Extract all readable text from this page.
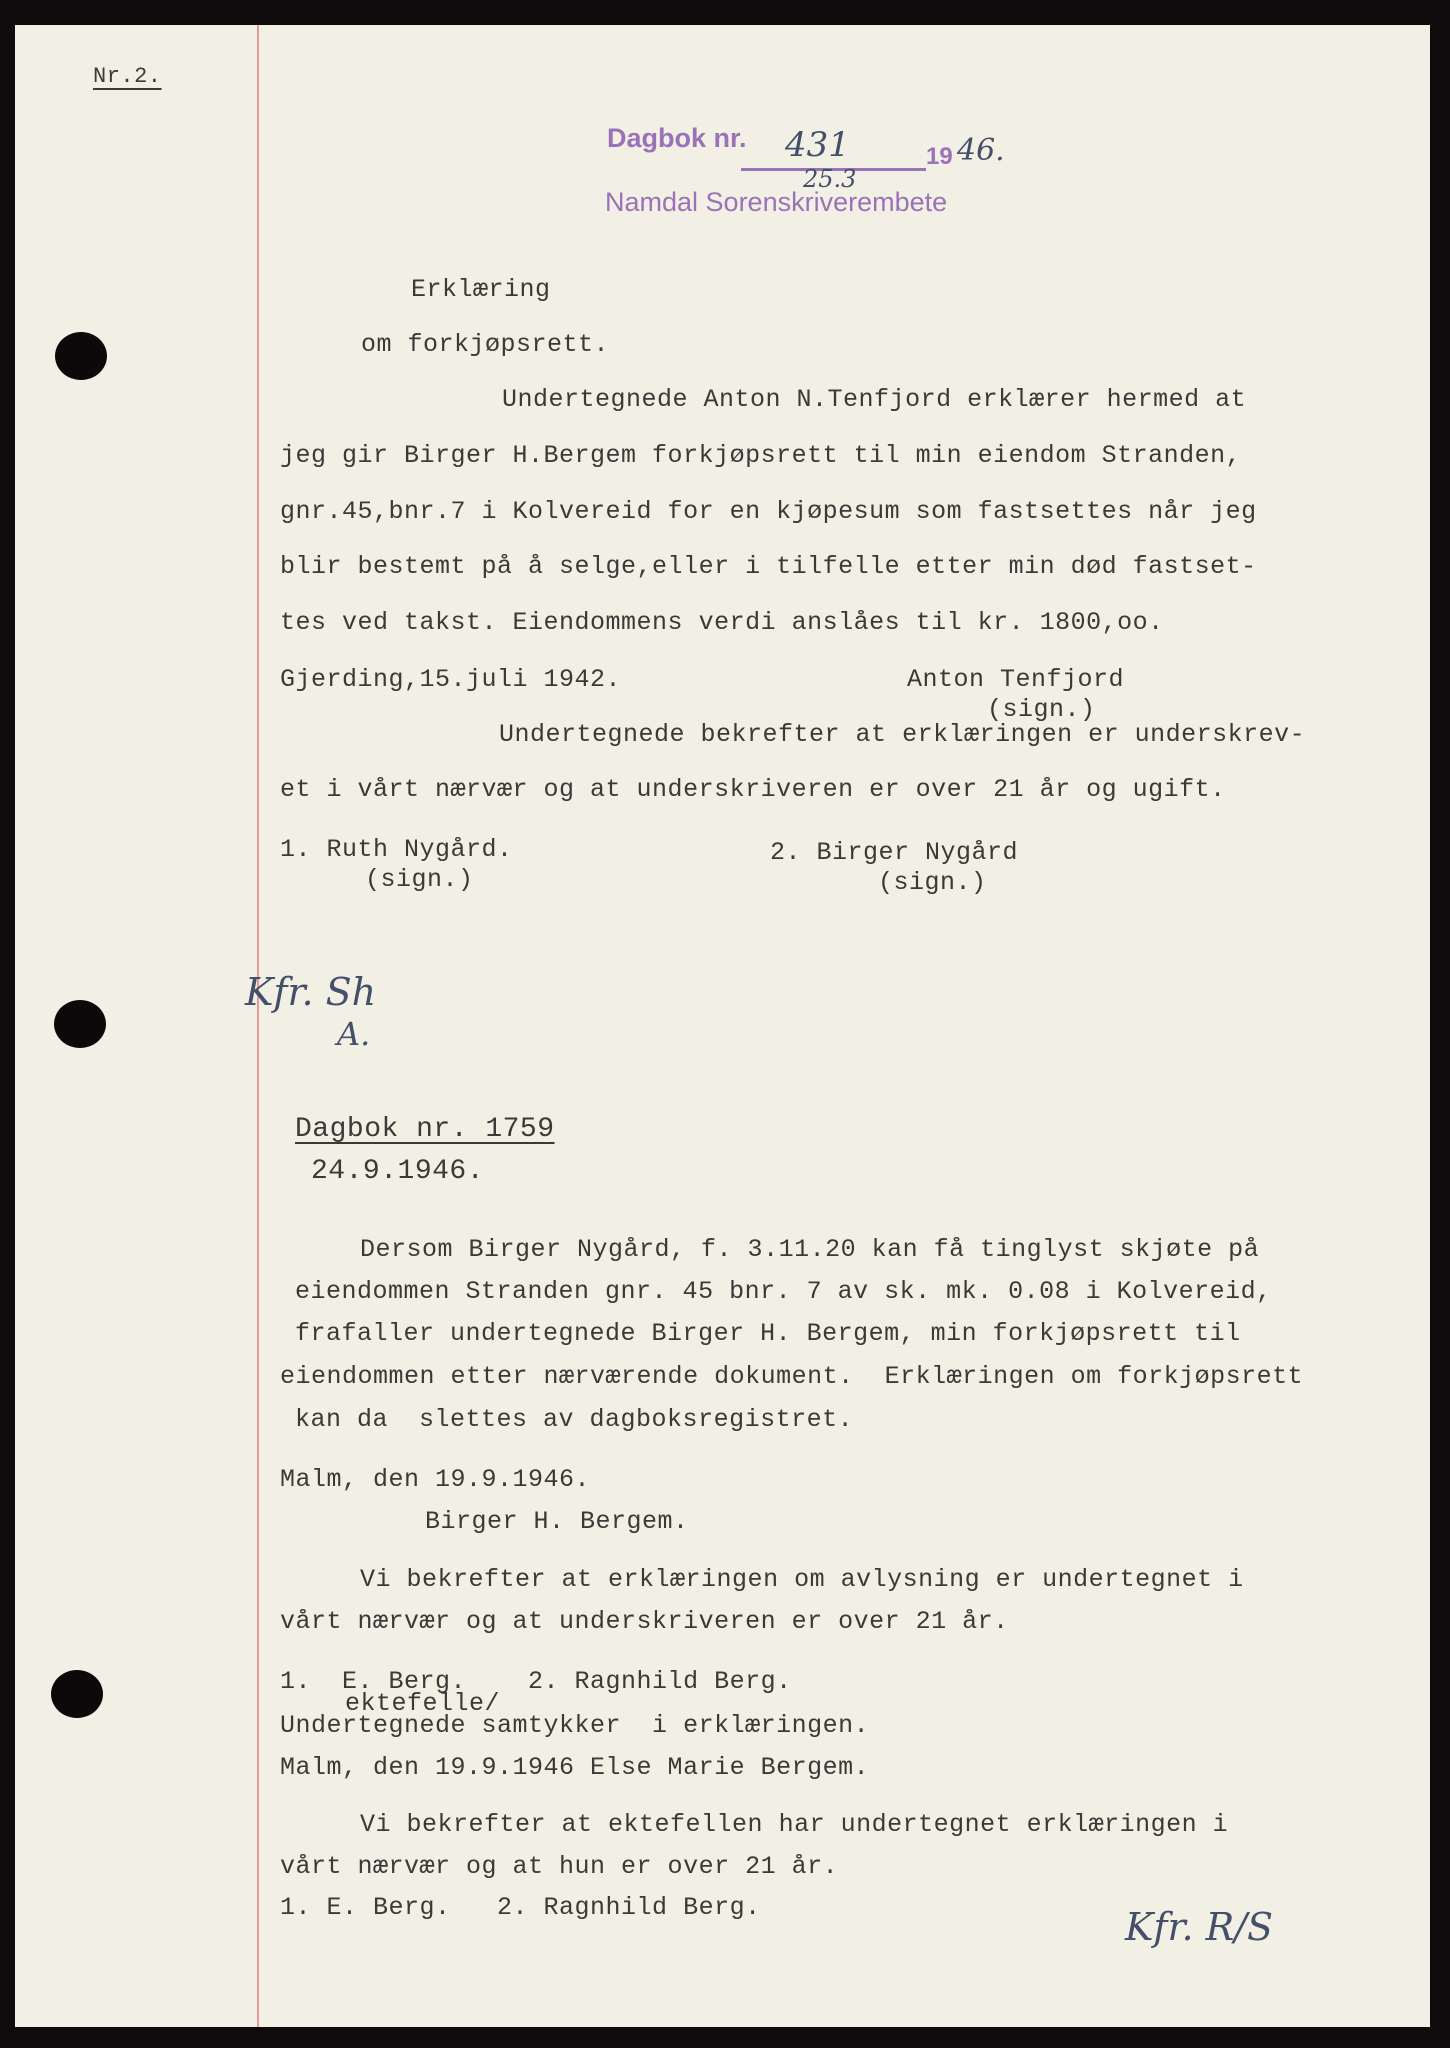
Nr.2.
Dagbok nr. 431
25.3
19 46.
Namdal Sorenskriverembete
Erklæring
om forkjøpsrett.
Undertegnede Anton N.Tenfjord erklærer hermed at
jeg gir Birger H.Bergem forkjøpsrett til min eiendom Stranden,
gnr.45,bnr.7 i Kolvereid for en kjøpesum som fastsettes når jeg
blir bestemt på å selge,eller i tilfelle etter min død fastset-
tes ved takst. Eiendommens verdi anslåes til kr. 1800,oo.
Gjerding,15.juli 1942.	Anton Tenfjord
(sign.)
Undertegnede bekrefter at erklæringen er underskrev-
et i vårt nærvær og at underskriveren er over 21 år og ugift.
1. Ruth Nygård.
(sign.)
2. Birger Nygård
(sign.)
Kfr. Sh
A.
Dagbok nr. 1759
24.9.1946.
Dersom Birger Nygård, f. 3.11.20 kan få tinglyst skjøte på
eiendommen Stranden gnr. 45 bnr. 7 av sk. mk. 0.08 i Kolvereid,
frafaller undertegnede Birger H. Bergem, min forkjøpsrett til
eiendommen etter nærværende dokument.  Erklæringen om forkjøpsrett
kan da  slettes av dagboksregistret.
Malm, den 19.9.1946.
Birger H. Bergem.
Vi bekrefter at erklæringen om avlysning er undertegnet i
vårt nærvær og at underskriveren er over 21 år.
1.  E. Berg.    2. Ragnhild Berg.
ektefelle/
Undertegnede samtykker  i erklæringen.
Malm, den 19.9.1946 Else Marie Bergem.
Vi bekrefter at ektefellen har undertegnet erklæringen i
vårt nærvær og at hun er over 21 år.
1. E. Berg.   2. Ragnhild Berg.	Kfr. R/S
